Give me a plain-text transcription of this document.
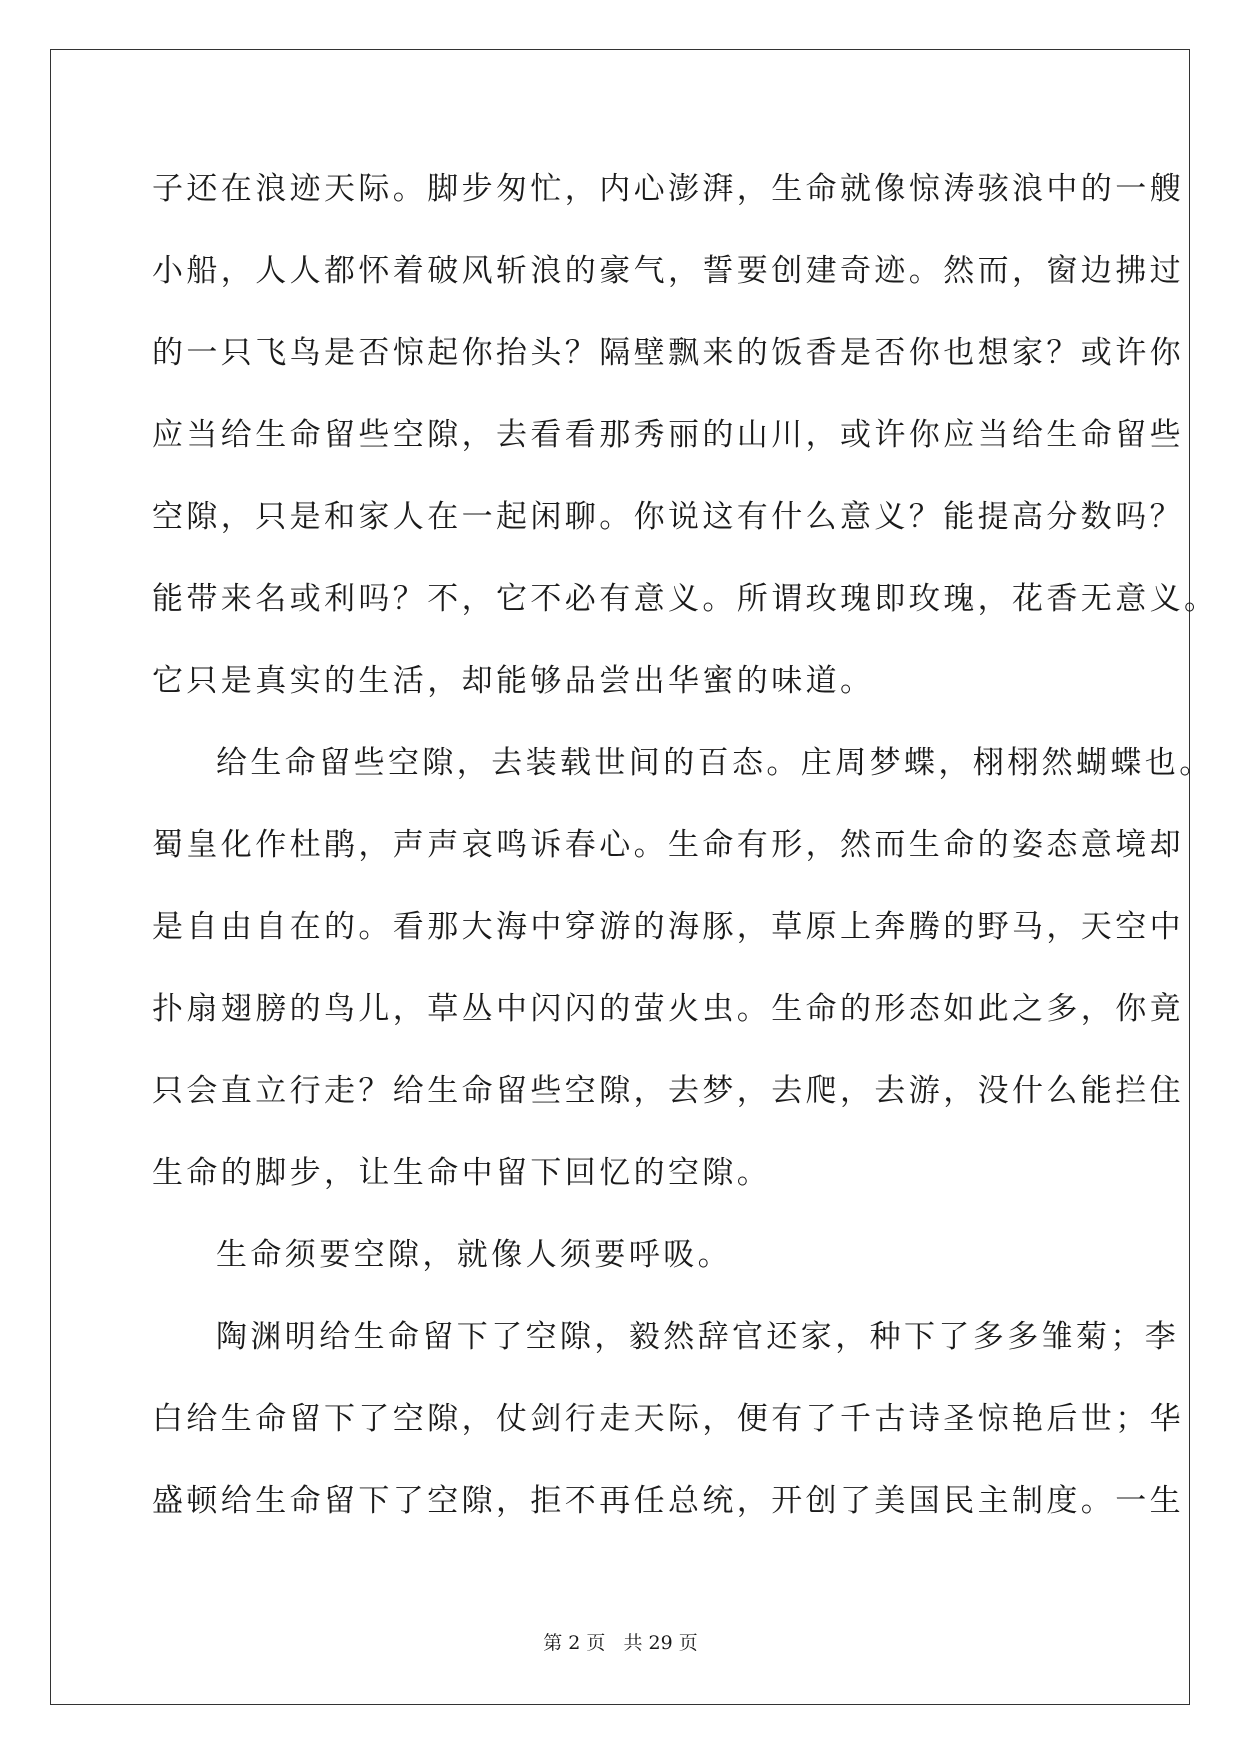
子还在浪迹天际。脚步匆忙，内心澎湃，生命就像惊涛骇浪中的一艘
小船，人人都怀着破风斩浪的豪气，誓要创建奇迹。然而，窗边拂过
的一只飞鸟是否惊起你抬头？隔壁飘来的饭香是否你也想家？或许你
应当给生命留些空隙，去看看那秀丽的山川，或许你应当给生命留些
空隙，只是和家人在一起闲聊。你说这有什么意义？能提高分数吗？
能带来名或利吗？不，它不必有意义。所谓玫瑰即玫瑰，花香无意义。
它只是真实的生活，却能够品尝出华蜜的味道。
给生命留些空隙，去装载世间的百态。庄周梦蝶，栩栩然蝴蝶也。
蜀皇化作杜鹃，声声哀鸣诉春心。生命有形，然而生命的姿态意境却
是自由自在的。看那大海中穿游的海豚，草原上奔腾的野马，天空中
扑扇翅膀的鸟儿，草丛中闪闪的萤火虫。生命的形态如此之多，你竟
只会直立行走？给生命留些空隙，去梦，去爬，去游，没什么能拦住
生命的脚步，让生命中留下回忆的空隙。
生命须要空隙，就像人须要呼吸。
陶渊明给生命留下了空隙，毅然辞官还家，种下了多多雏菊；李
白给生命留下了空隙，仗剑行走天际，便有了千古诗圣惊艳后世；华
盛顿给生命留下了空隙，拒不再任总统，开创了美国民主制度。一生
第 2 页 共 29 页
